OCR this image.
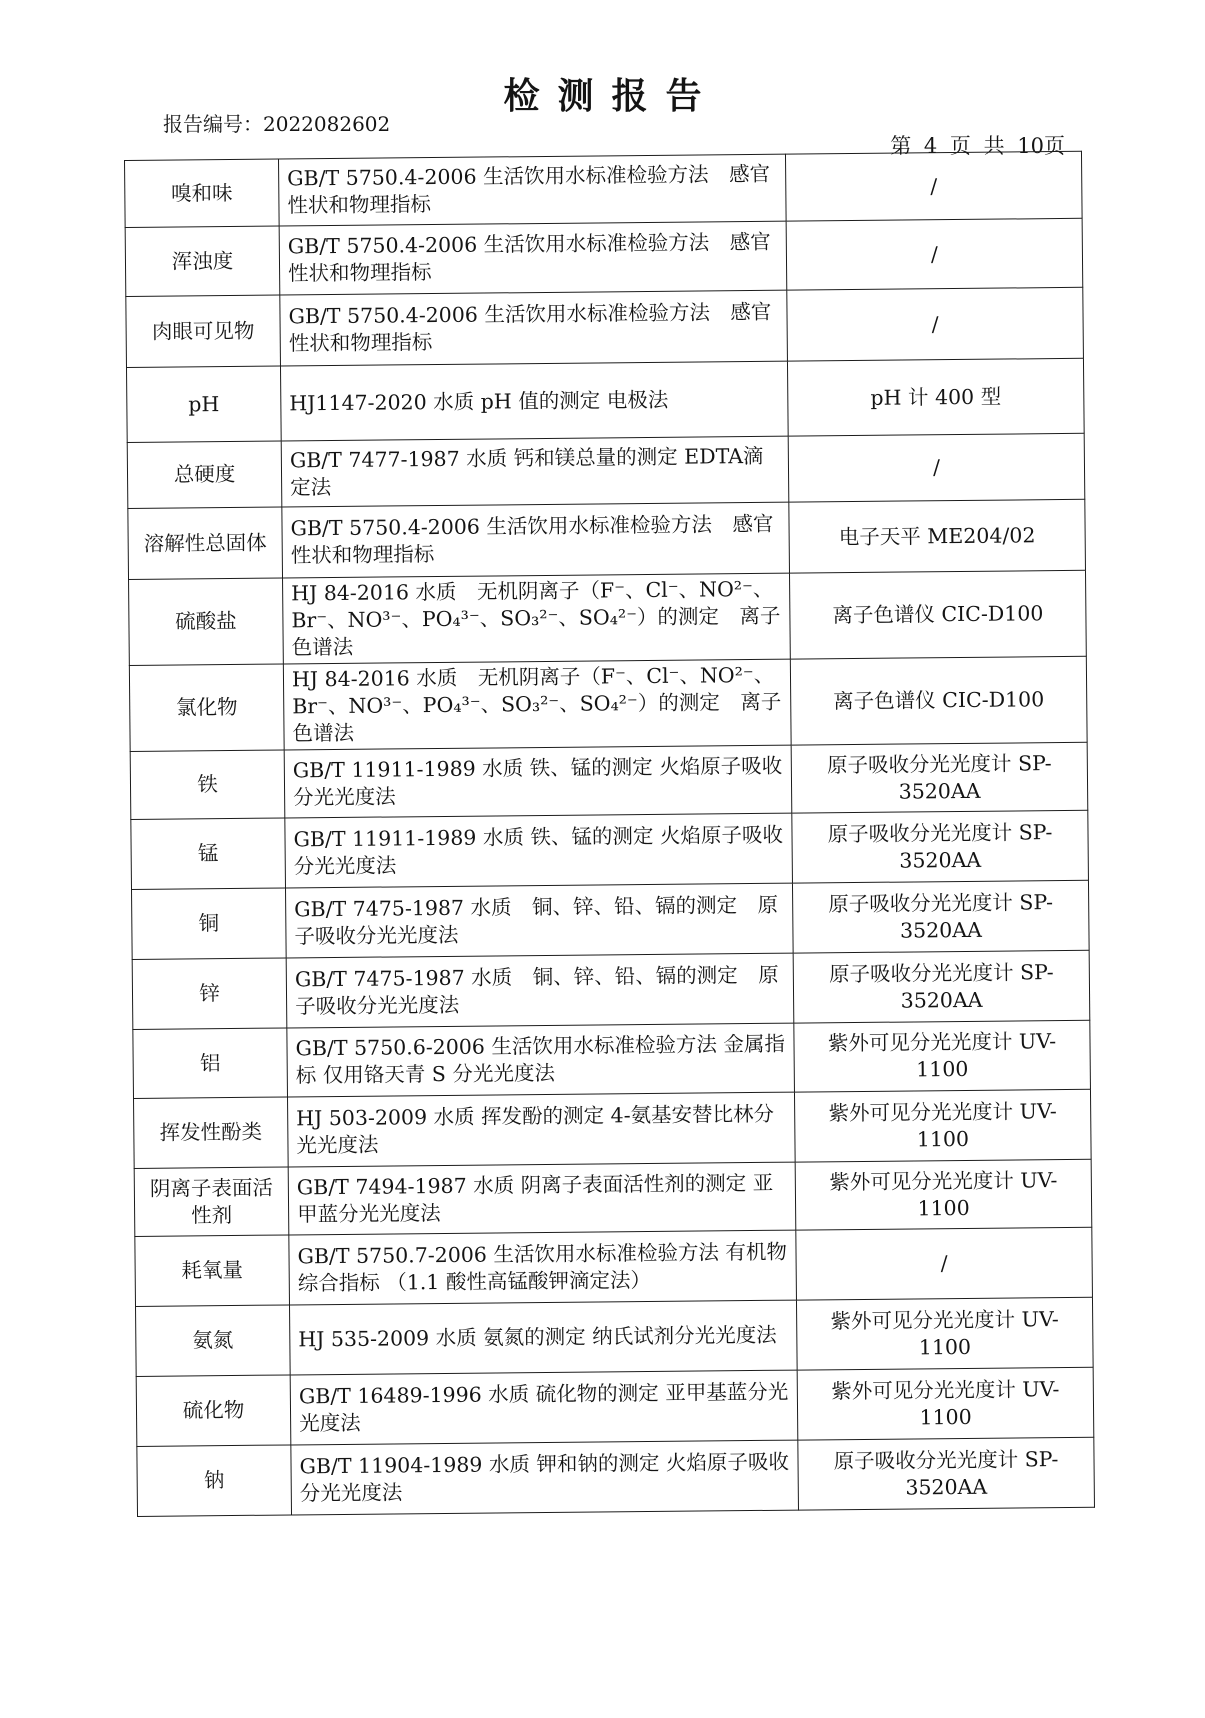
检测报告
报告编号：2022082602
第 4 页 共 10页
嗅和味	GB/T 5750.4-2006 生活饮用水标准检验方法　感官性状和物理指标	/
浑浊度	GB/T 5750.4-2006 生活饮用水标准检验方法　感官性状和物理指标	/
肉眼可见物	GB/T 5750.4-2006 生活饮用水标准检验方法　感官性状和物理指标	/
pH	HJ1147-2020 水质 pH 值的测定 电极法	pH 计 400 型
总硬度	GB/T 7477-1987 水质 钙和镁总量的测定 EDTA滴定法	/
溶解性总固体	GB/T 5750.4-2006 生活饮用水标准检验方法　感官性状和物理指标	电子天平 ME204/02
硫酸盐	HJ 84-2016 水质　无机阴离子（F⁻、Cl⁻、NO²⁻、Br⁻、NO³⁻、PO₄³⁻、SO₃²⁻、SO₄²⁻）的测定　离子色谱法	离子色谱仪 CIC-D100
氯化物	HJ 84-2016 水质　无机阴离子（F⁻、Cl⁻、NO²⁻、Br⁻、NO³⁻、PO₄³⁻、SO₃²⁻、SO₄²⁻）的测定　离子色谱法	离子色谱仪 CIC-D100
铁	GB/T 11911-1989 水质 铁、锰的测定 火焰原子吸收分光光度法	原子吸收分光光度计 SP-3520AA
锰	GB/T 11911-1989 水质 铁、锰的测定 火焰原子吸收分光光度法	原子吸收分光光度计 SP-3520AA
铜	GB/T 7475-1987 水质　铜、锌、铅、镉的测定　原子吸收分光光度法	原子吸收分光光度计 SP-3520AA
锌	GB/T 7475-1987 水质　铜、锌、铅、镉的测定　原子吸收分光光度法	原子吸收分光光度计 SP-3520AA
铝	GB/T 5750.6-2006 生活饮用水标准检验方法 金属指标 仅用铬天青 S 分光光度法	紫外可见分光光度计 UV-1100
挥发性酚类	HJ 503-2009 水质 挥发酚的测定 4-氨基安替比林分光光度法	紫外可见分光光度计 UV-1100
阴离子表面活性剂	GB/T 7494-1987 水质 阴离子表面活性剂的测定 亚甲蓝分光光度法	紫外可见分光光度计 UV-1100
耗氧量	GB/T 5750.7-2006 生活饮用水标准检验方法 有机物综合指标 （1.1 酸性高锰酸钾滴定法）	/
氨氮	HJ 535-2009 水质 氨氮的测定 纳氏试剂分光光度法	紫外可见分光光度计 UV-1100
硫化物	GB/T 16489-1996 水质 硫化物的测定 亚甲基蓝分光光度法	紫外可见分光光度计 UV-1100
钠	GB/T 11904-1989 水质 钾和钠的测定 火焰原子吸收分光光度法	原子吸收分光光度计 SP-3520AA
